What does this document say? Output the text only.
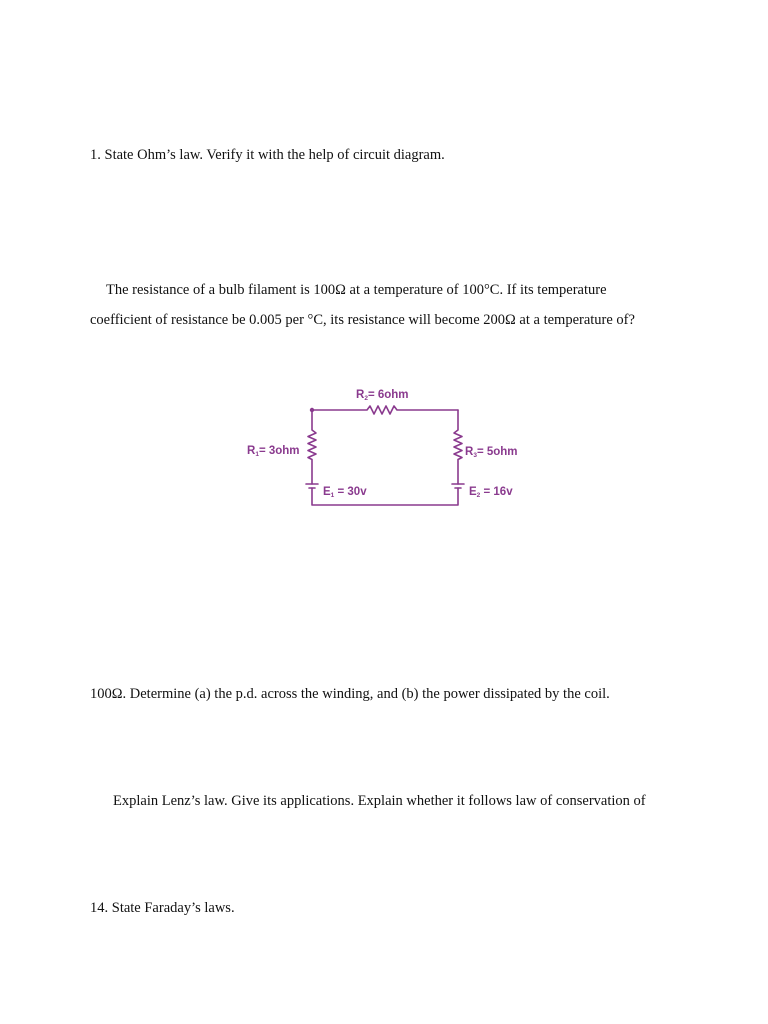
1. State Ohm’s law. Verify it with the help of circuit diagram.
The resistance of a bulb filament is 100Ω at a temperature of 100°C. If its temperature
coefficient of resistance be 0.005 per °C, its resistance will become 200Ω at a temperature of?
R2= 6ohm
R1= 3ohm	R3= 5ohm
E1 = 30v	E2 = 16v
100Ω. Determine (a) the p.d. across the winding, and (b) the power dissipated by the coil.
Explain Lenz’s law. Give its applications. Explain whether it follows law of conservation of
14. State Faraday’s laws.
